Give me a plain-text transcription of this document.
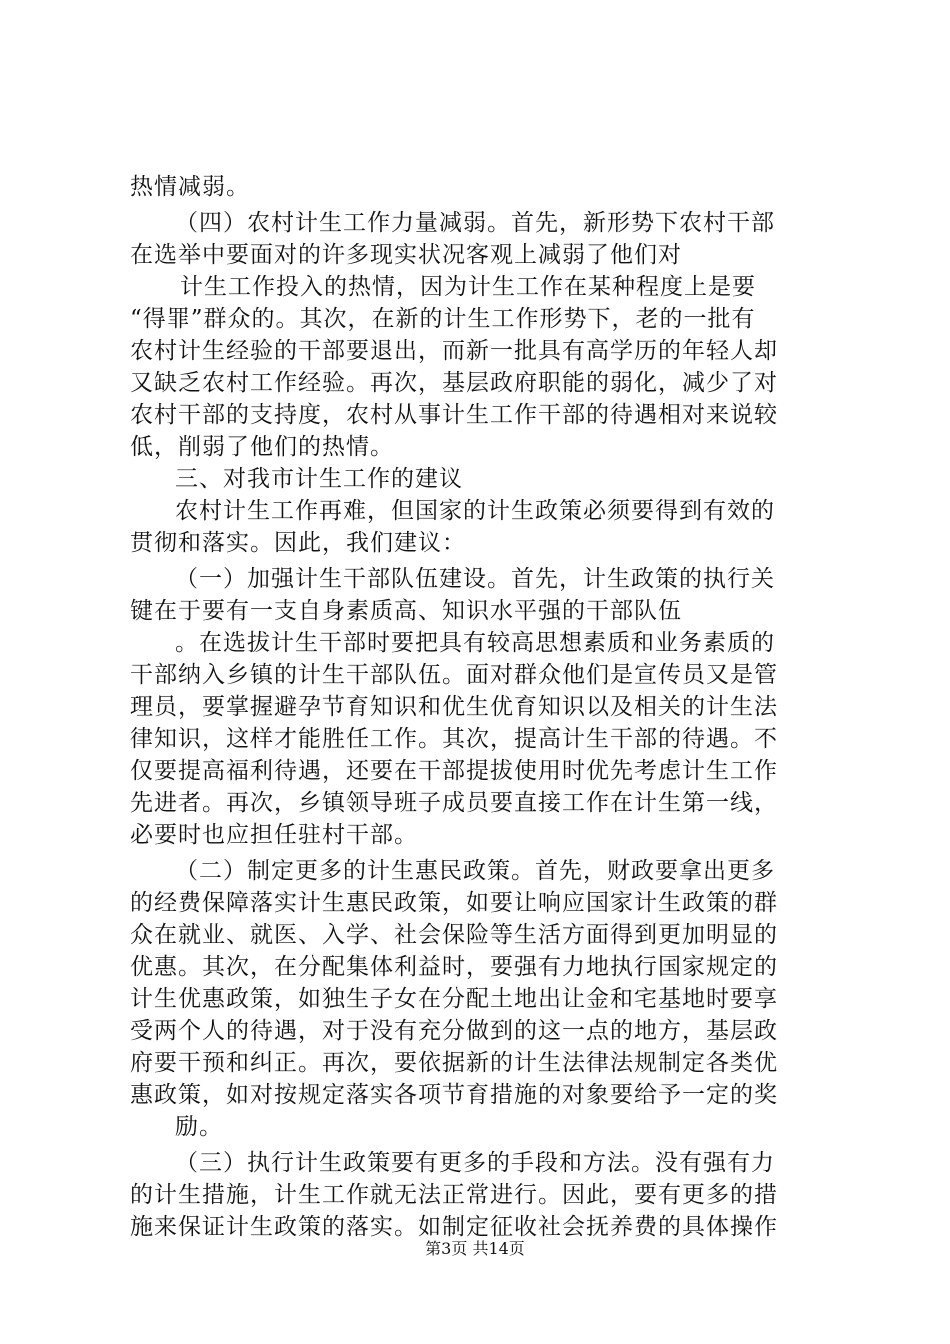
热情减弱。
（四）农村计生工作力量减弱。首先，新形势下农村干部
在选举中要面对的许多现实状况客观上减弱了他们对
计生工作投入的热情，因为计生工作在某种程度上是要
“得罪”群众的。其次，在新的计生工作形势下，老的一批有
农村计生经验的干部要退出，而新一批具有高学历的年轻人却
又缺乏农村工作经验。再次，基层政府职能的弱化，减少了对
农村干部的支持度，农村从事计生工作干部的待遇相对来说较
低，削弱了他们的热情。
三、对我市计生工作的建议
农村计生工作再难，但国家的计生政策必须要得到有效的
贯彻和落实。因此，我们建议：
（一）加强计生干部队伍建设。首先，计生政策的执行关
键在于要有一支自身素质高、知识水平强的干部队伍
。在选拔计生干部时要把具有较高思想素质和业务素质的
干部纳入乡镇的计生干部队伍。面对群众他们是宣传员又是管
理员，要掌握避孕节育知识和优生优育知识以及相关的计生法
律知识，这样才能胜任工作。其次，提高计生干部的待遇。不
仅要提高福利待遇，还要在干部提拔使用时优先考虑计生工作
先进者。再次，乡镇领导班子成员要直接工作在计生第一线，
必要时也应担任驻村干部。
（二）制定更多的计生惠民政策。首先，财政要拿出更多
的经费保障落实计生惠民政策，如要让响应国家计生政策的群
众在就业、就医、入学、社会保险等生活方面得到更加明显的
优惠。其次，在分配集体利益时，要强有力地执行国家规定的
计生优惠政策，如独生子女在分配土地出让金和宅基地时要享
受两个人的待遇，对于没有充分做到的这一点的地方，基层政
府要干预和纠正。再次，要依据新的计生法律法规制定各类优
惠政策，如对按规定落实各项节育措施的对象要给予一定的奖
励。
（三）执行计生政策要有更多的手段和方法。没有强有力
的计生措施，计生工作就无法正常进行。因此，要有更多的措
施来保证计生政策的落实。如制定征收社会抚养费的具体操作
第3页 共14页
